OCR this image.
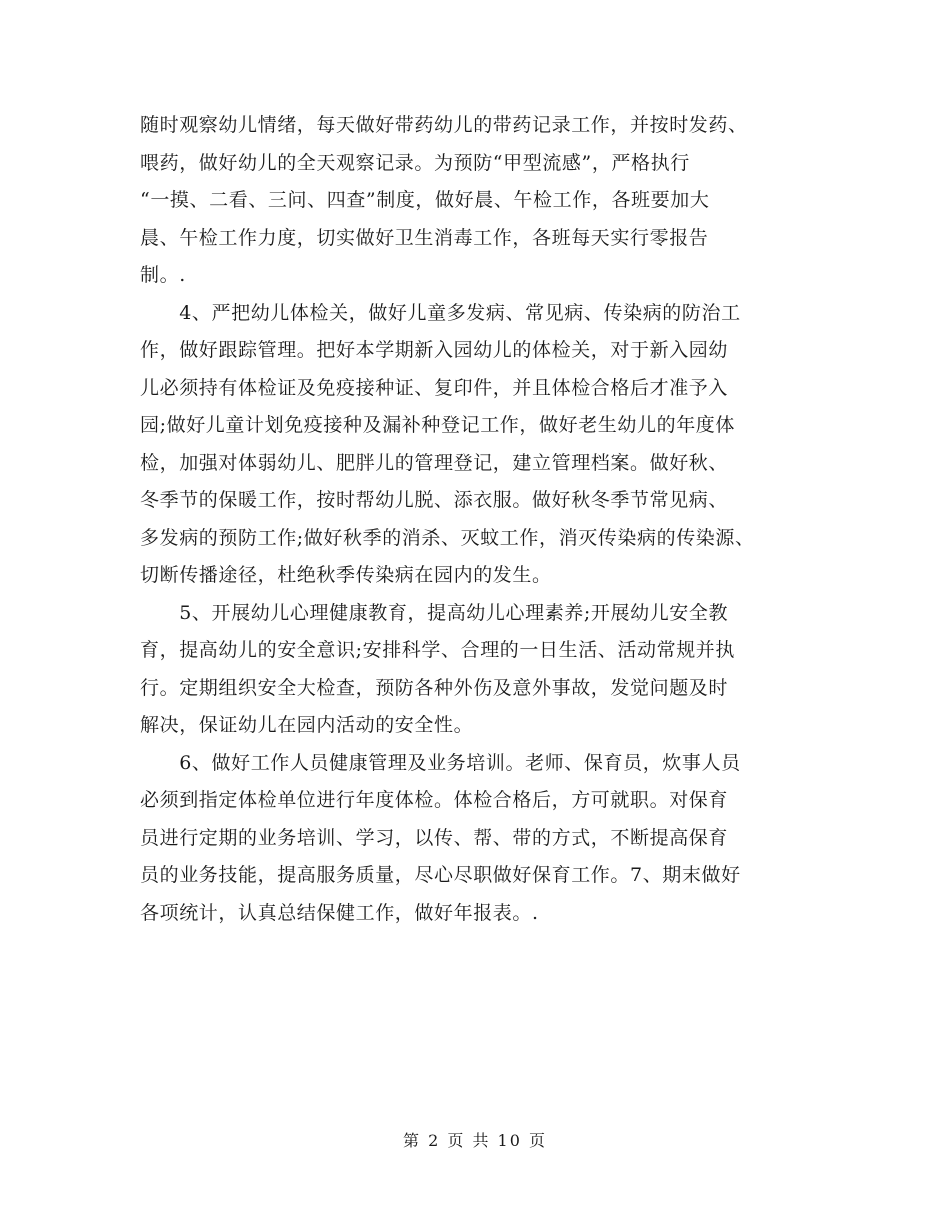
随时观察幼儿情绪，每天做好带药幼儿的带药记录工作，并按时发药、
喂药，做好幼儿的全天观察记录。为预防“甲型流感”，严格执行
“一摸、二看、三问、四查”制度，做好晨、午检工作，各班要加大
晨、午检工作力度，切实做好卫生消毒工作，各班每天实行零报告
制。.
　　4、严把幼儿体检关，做好儿童多发病、常见病、传染病的防治工
作，做好跟踪管理。把好本学期新入园幼儿的体检关，对于新入园幼
儿必须持有体检证及免疫接种证、复印件，并且体检合格后才准予入
园;做好儿童计划免疫接种及漏补种登记工作，做好老生幼儿的年度体
检，加强对体弱幼儿、肥胖儿的管理登记，建立管理档案。做好秋、
冬季节的保暖工作，按时帮幼儿脱、添衣服。做好秋冬季节常见病、
多发病的预防工作;做好秋季的消杀、灭蚊工作，消灭传染病的传染源、
切断传播途径，杜绝秋季传染病在园内的发生。
　　5、开展幼儿心理健康教育，提高幼儿心理素养;开展幼儿安全教
育，提高幼儿的安全意识;安排科学、合理的一日生活、活动常规并执
行。定期组织安全大检查，预防各种外伤及意外事故，发觉问题及时
解决，保证幼儿在园内活动的安全性。
　　6、做好工作人员健康管理及业务培训。老师、保育员，炊事人员
必须到指定体检单位进行年度体检。体检合格后，方可就职。对保育
员进行定期的业务培训、学习，以传、帮、带的方式，不断提高保育
员的业务技能，提高服务质量，尽心尽职做好保育工作。7、期末做好
各项统计，认真总结保健工作，做好年报表。.
第 2 页 共 10 页
